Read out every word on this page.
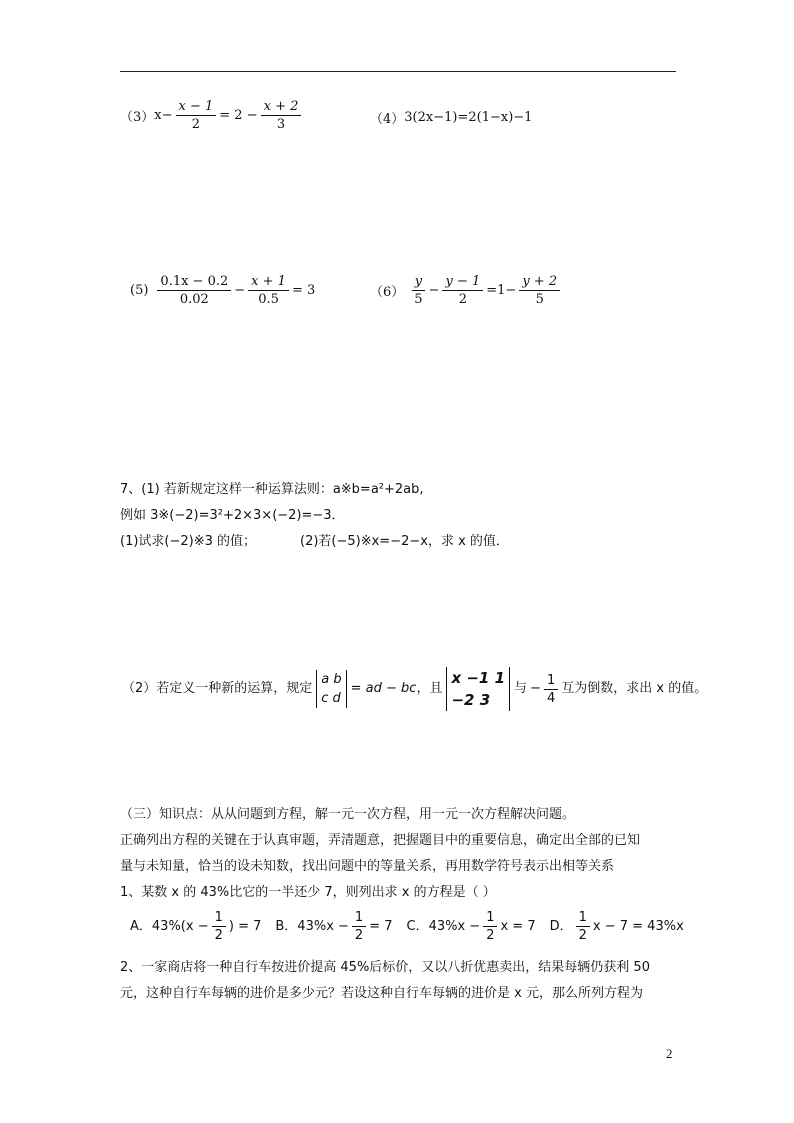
（3） $x- \frac{x - 1}{2} = 2 - \frac{x + 2}{3}$	（4） 3(2x−1)=2(1−x)−1
$(5) \frac{0.1x - 0.2}{0.02} - \frac{x + 1}{0.5} = 3$	$(6) \frac{y}{5} - \frac{y - 1}{2} =1- \frac{y + 2}{5}$
7、(1) 若新规定这样一种运算法则：a※b=a²+2ab,
例如 3※(−2)=3²+2×3×(−2)=−3．
(1)试求(−2)※3 的值；	(2)若(−5)※x=−2−x，求 x 的值．
（2）若定义一种新的运算，规定
a b
c d
= ad − bc ，且
x −1 1
−2 3
与 − $\frac{1}{4}$ 互为倒数，求出 x 的值。
（三）知识点：从从问题到方程，解一元一次方程，用一元一次方程解决问题。
正确列出方程的关键在于认真审题，弄清题意，把握题目中的重要信息，确定出全部的已知
量与未知量，恰当的设未知数，找出问题中的等量关系，再用数学符号表示出相等关系
1、某数 x 的 43%比它的一半还少 7，则列出求 x 的方程是（ ）
A． $43\%(x - \frac{1}{2}$ ) = 7 B． $43\%x - \frac{1}{2} = 7$ C． $43\%x - \frac{1}{2}$ x = 7 D． $\frac{1}{2}$ x − 7 = 43%x
2、一家商店将一种自行车按进价提高 45%后标价，又以八折优惠卖出，结果每辆仍获利 50
元，这种自行车每辆的进价是多少元？若设这种自行车每辆的进价是 x 元，那么所列方程为
2
